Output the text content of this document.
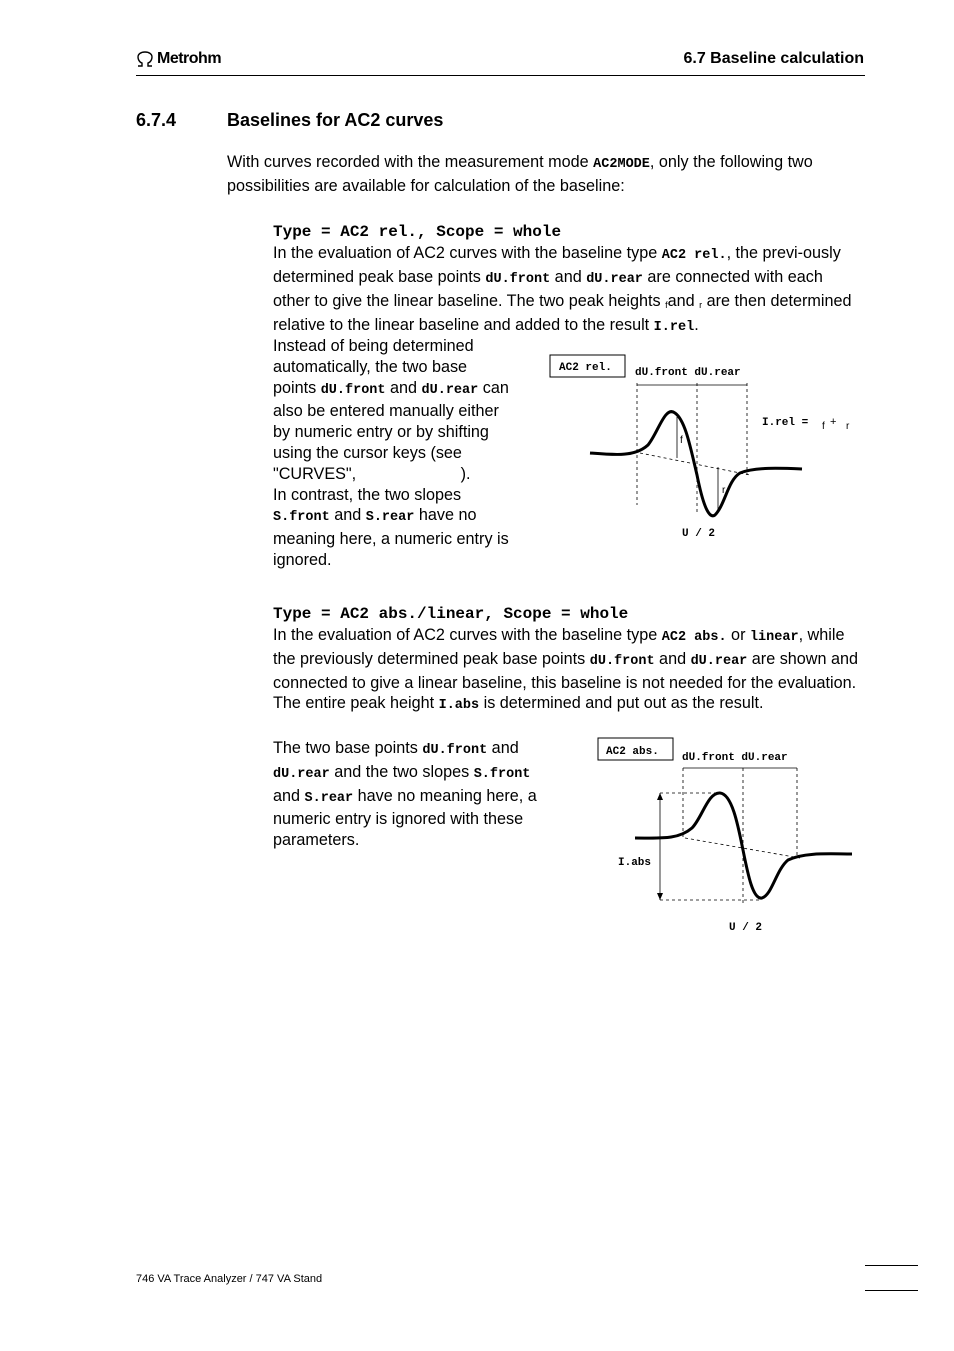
Metrohm	6.7 Baseline calculation
6.7.4	Baselines for AC2 curves
With curves recorded with the measurement mode AC2MODE, only the following two possibilities are available for calculation of the baseline:
Type = AC2 rel., Scope = whole
In the evaluation of AC2 curves with the baseline type AC2 rel., the previ-ously determined peak base points dU.front and dU.rear are connected with each other to give the linear baseline. The two peak heights $_f$and $_r$ are then determined relative to the linear baseline and added to the result I.rel.
Instead of being determined automatically, the two base points dU.front and dU.rear can also be entered manually either by numeric entry or by shifting using the cursor keys (see "CURVES",	).
In contrast, the two slopes S.front and S.rear have no meaning here, a numeric entry is ignored.
AC2 rel. dU.front dU.rear
f
r
I.rel = f + r
U / 2
Type = AC2 abs./linear, Scope = whole
In the evaluation of AC2 curves with the baseline type AC2 abs. or linear, while the previously determined peak base points dU.front and dU.rear are shown and connected to give a linear baseline, this baseline is not needed for the evaluation. The entire peak height I.abs is determined and put out as the result.
The two base points dU.front and dU.rear and the two slopes S.front and S.rear have no meaning here, a numeric entry is ignored with these parameters.
AC2 abs. dU.front dU.rear
I.abs
U / 2
746 VA Trace Analyzer / 747 VA Stand
